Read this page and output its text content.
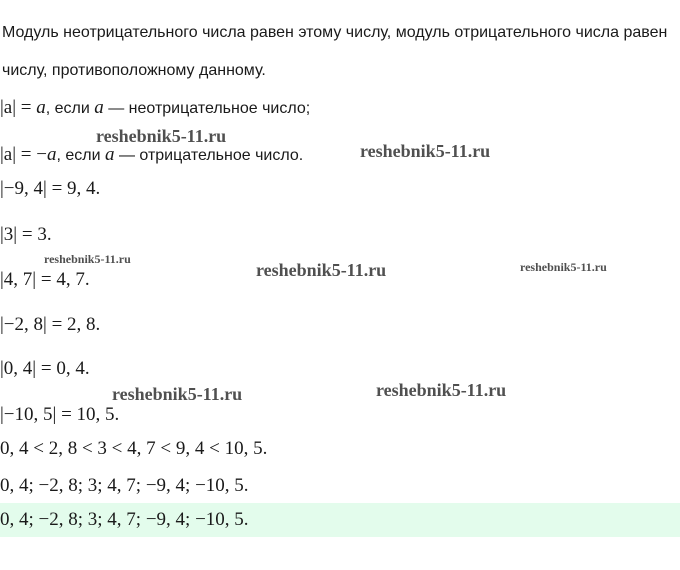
Модуль неотрицательного числа равен этому числу, модуль отрицательного числа равен числу, противоположному данному.

|a| = a, если a — неотрицательное число;
|a| = −a, если a — отрицательное число.
|−9, 4| = 9, 4.
|3| = 3.
|4, 7| = 4, 7.
|−2, 8| = 2, 8.
|0, 4| = 0, 4.
|−10, 5| = 10, 5.
0, 4 < 2, 8 < 3 < 4, 7 < 9, 4 < 10, 5.
0, 4; −2, 8; 3; 4, 7; −9, 4; −10, 5.
0, 4; −2, 8; 3; 4, 7; −9, 4; −10, 5.
reshebnik5-11.ru
reshebnik5-11.ru
reshebnik5-11.ru
reshebnik5-11.ru	reshebnik5-11.ru
reshebnik5-11.ru	reshebnik5-11.ru
